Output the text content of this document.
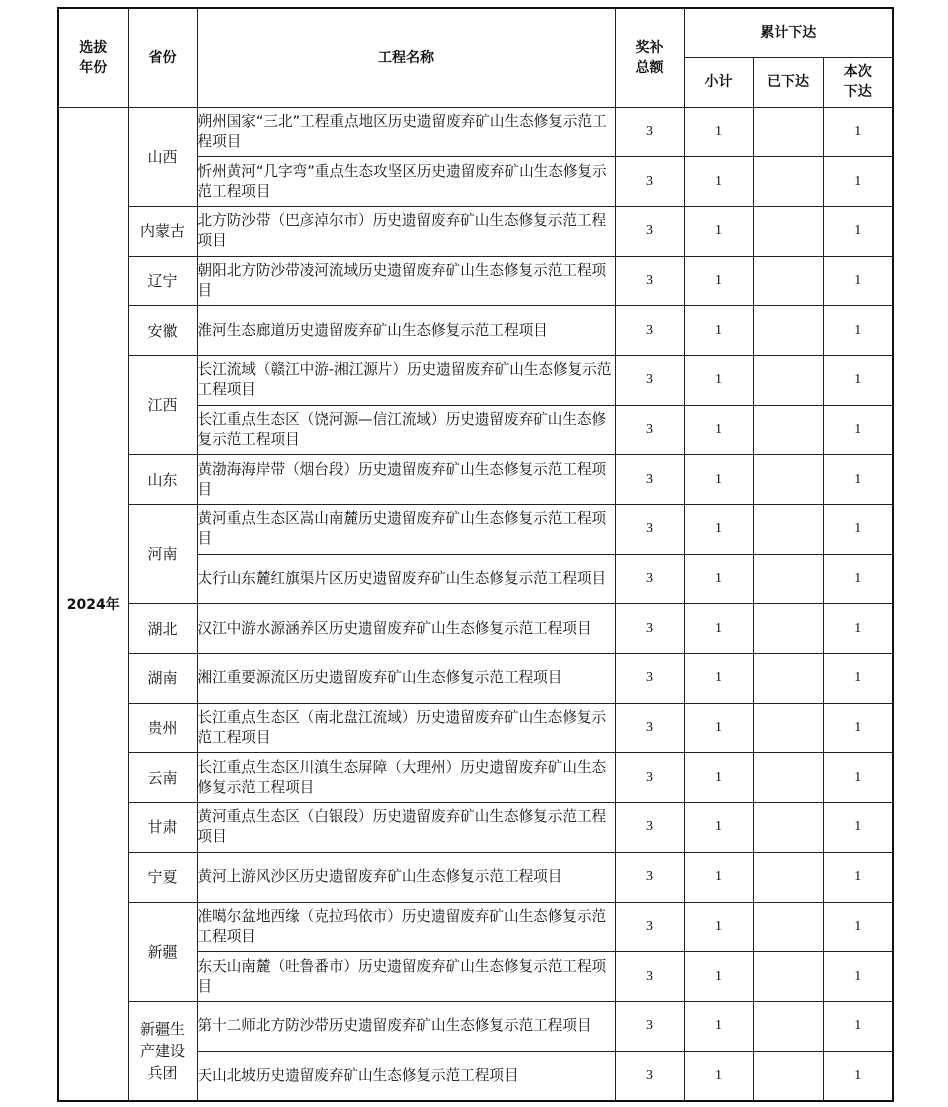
选拔
年份	省份	工程名称	奖补
总额	累计下达		
				小计	已下达	本次
下达
2024年	山西	朔州国家“三北”工程重点地区历史遗留废弃矿山生态修复示范工程项目	3	1		1
		忻州黄河“几字弯”重点生态攻坚区历史遗留废弃矿山生态修复示范工程项目	3	1		1
	内蒙古	北方防沙带（巴彦淖尔市）历史遗留废弃矿山生态修复示范工程项目	3	1		1
	辽宁	朝阳北方防沙带凌河流域历史遗留废弃矿山生态修复示范工程项目	3	1		1
	安徽	淮河生态廊道历史遗留废弃矿山生态修复示范工程项目	3	1		1
	江西	长江流域（赣江中游-湘江源片）历史遗留废弃矿山生态修复示范工程项目	3	1		1
		长江重点生态区（饶河源—信江流域）历史遗留废弃矿山生态修复示范工程项目	3	1		1
	山东	黄渤海海岸带（烟台段）历史遗留废弃矿山生态修复示范工程项目	3	1		1
	河南	黄河重点生态区嵩山南麓历史遗留废弃矿山生态修复示范工程项目	3	1		1
		太行山东麓红旗渠片区历史遗留废弃矿山生态修复示范工程项目	3	1		1
	湖北	汉江中游水源涵养区历史遗留废弃矿山生态修复示范工程项目	3	1		1
	湖南	湘江重要源流区历史遗留废弃矿山生态修复示范工程项目	3	1		1
	贵州	长江重点生态区（南北盘江流域）历史遗留废弃矿山生态修复示范工程项目	3	1		1
	云南	长江重点生态区川滇生态屏障（大理州）历史遗留废弃矿山生态修复示范工程项目	3	1		1
	甘肃	黄河重点生态区（白银段）历史遗留废弃矿山生态修复示范工程项目	3	1		1
	宁夏	黄河上游风沙区历史遗留废弃矿山生态修复示范工程项目	3	1		1
	新疆	准噶尔盆地西缘（克拉玛依市）历史遗留废弃矿山生态修复示范工程项目	3	1		1
		东天山南麓（吐鲁番市）历史遗留废弃矿山生态修复示范工程项目	3	1		1
	新疆生
产建设
兵团	第十二师北方防沙带历史遗留废弃矿山生态修复示范工程项目	3	1		1
		天山北坡历史遗留废弃矿山生态修复示范工程项目	3	1		1
